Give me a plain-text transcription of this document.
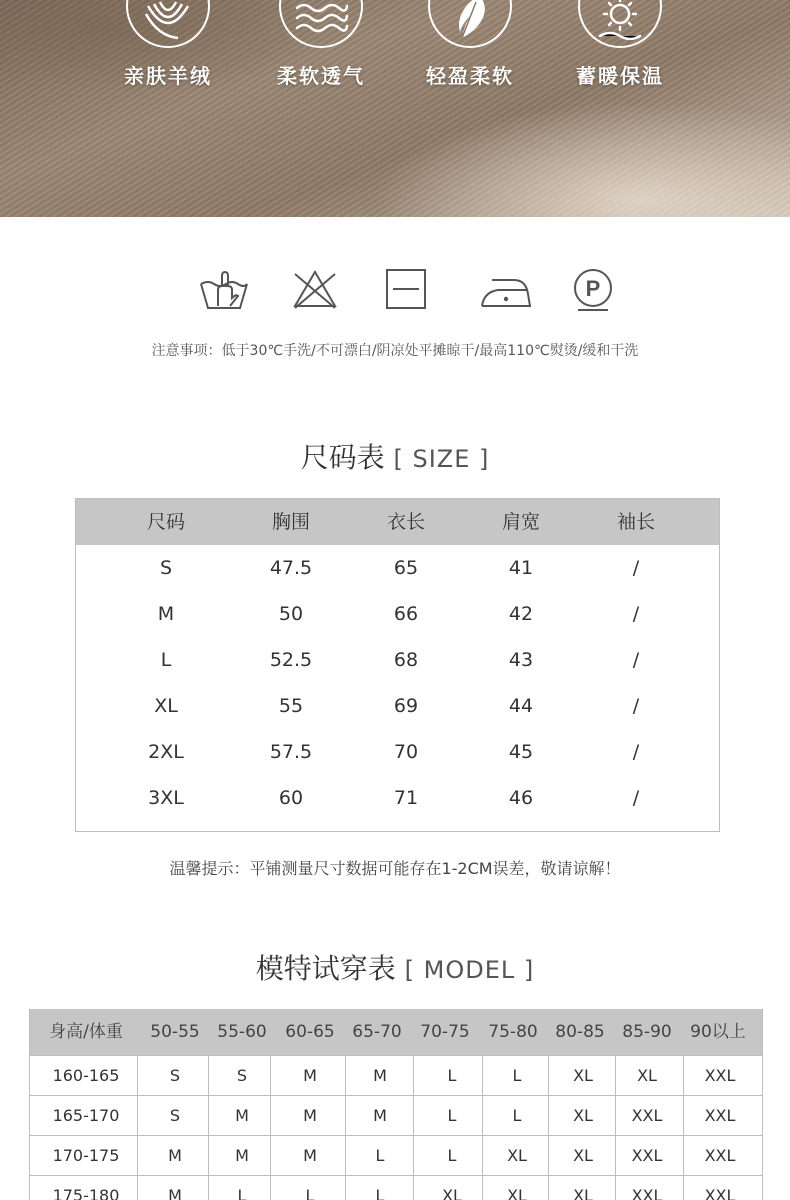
亲肤羊绒	柔软透气	轻盈柔软	蓄暖保温
P
注意事项：低于30℃手洗/不可漂白/阴凉处平摊晾干/最高110℃熨烫/缓和干洗
尺码表 [ SIZE ]
尺码	胸围	衣长	肩宽	袖长
S	47.5	65	41	/
M	50	66	42	/
L	52.5	68	43	/
XL	55	69	44	/
2XL	57.5	70	45	/
3XL	60	71	46	/
温馨提示：平铺测量尺寸数据可能存在1-2CM误差，敬请谅解！
模特试穿表 [ MODEL ]
身高/体重	50-55	55-60	60-65	65-70	70-75	75-80	80-85	85-90	90以上
160-165	S	S	M	M	L	L	XL	XL	XXL
165-170	S	M	M	M	L	L	XL	XXL	XXL
170-175	M	M	M	L	L	XL	XL	XXL	XXL
175-180	M	L	L	L	XL	XL	XL	XXL	XXL
